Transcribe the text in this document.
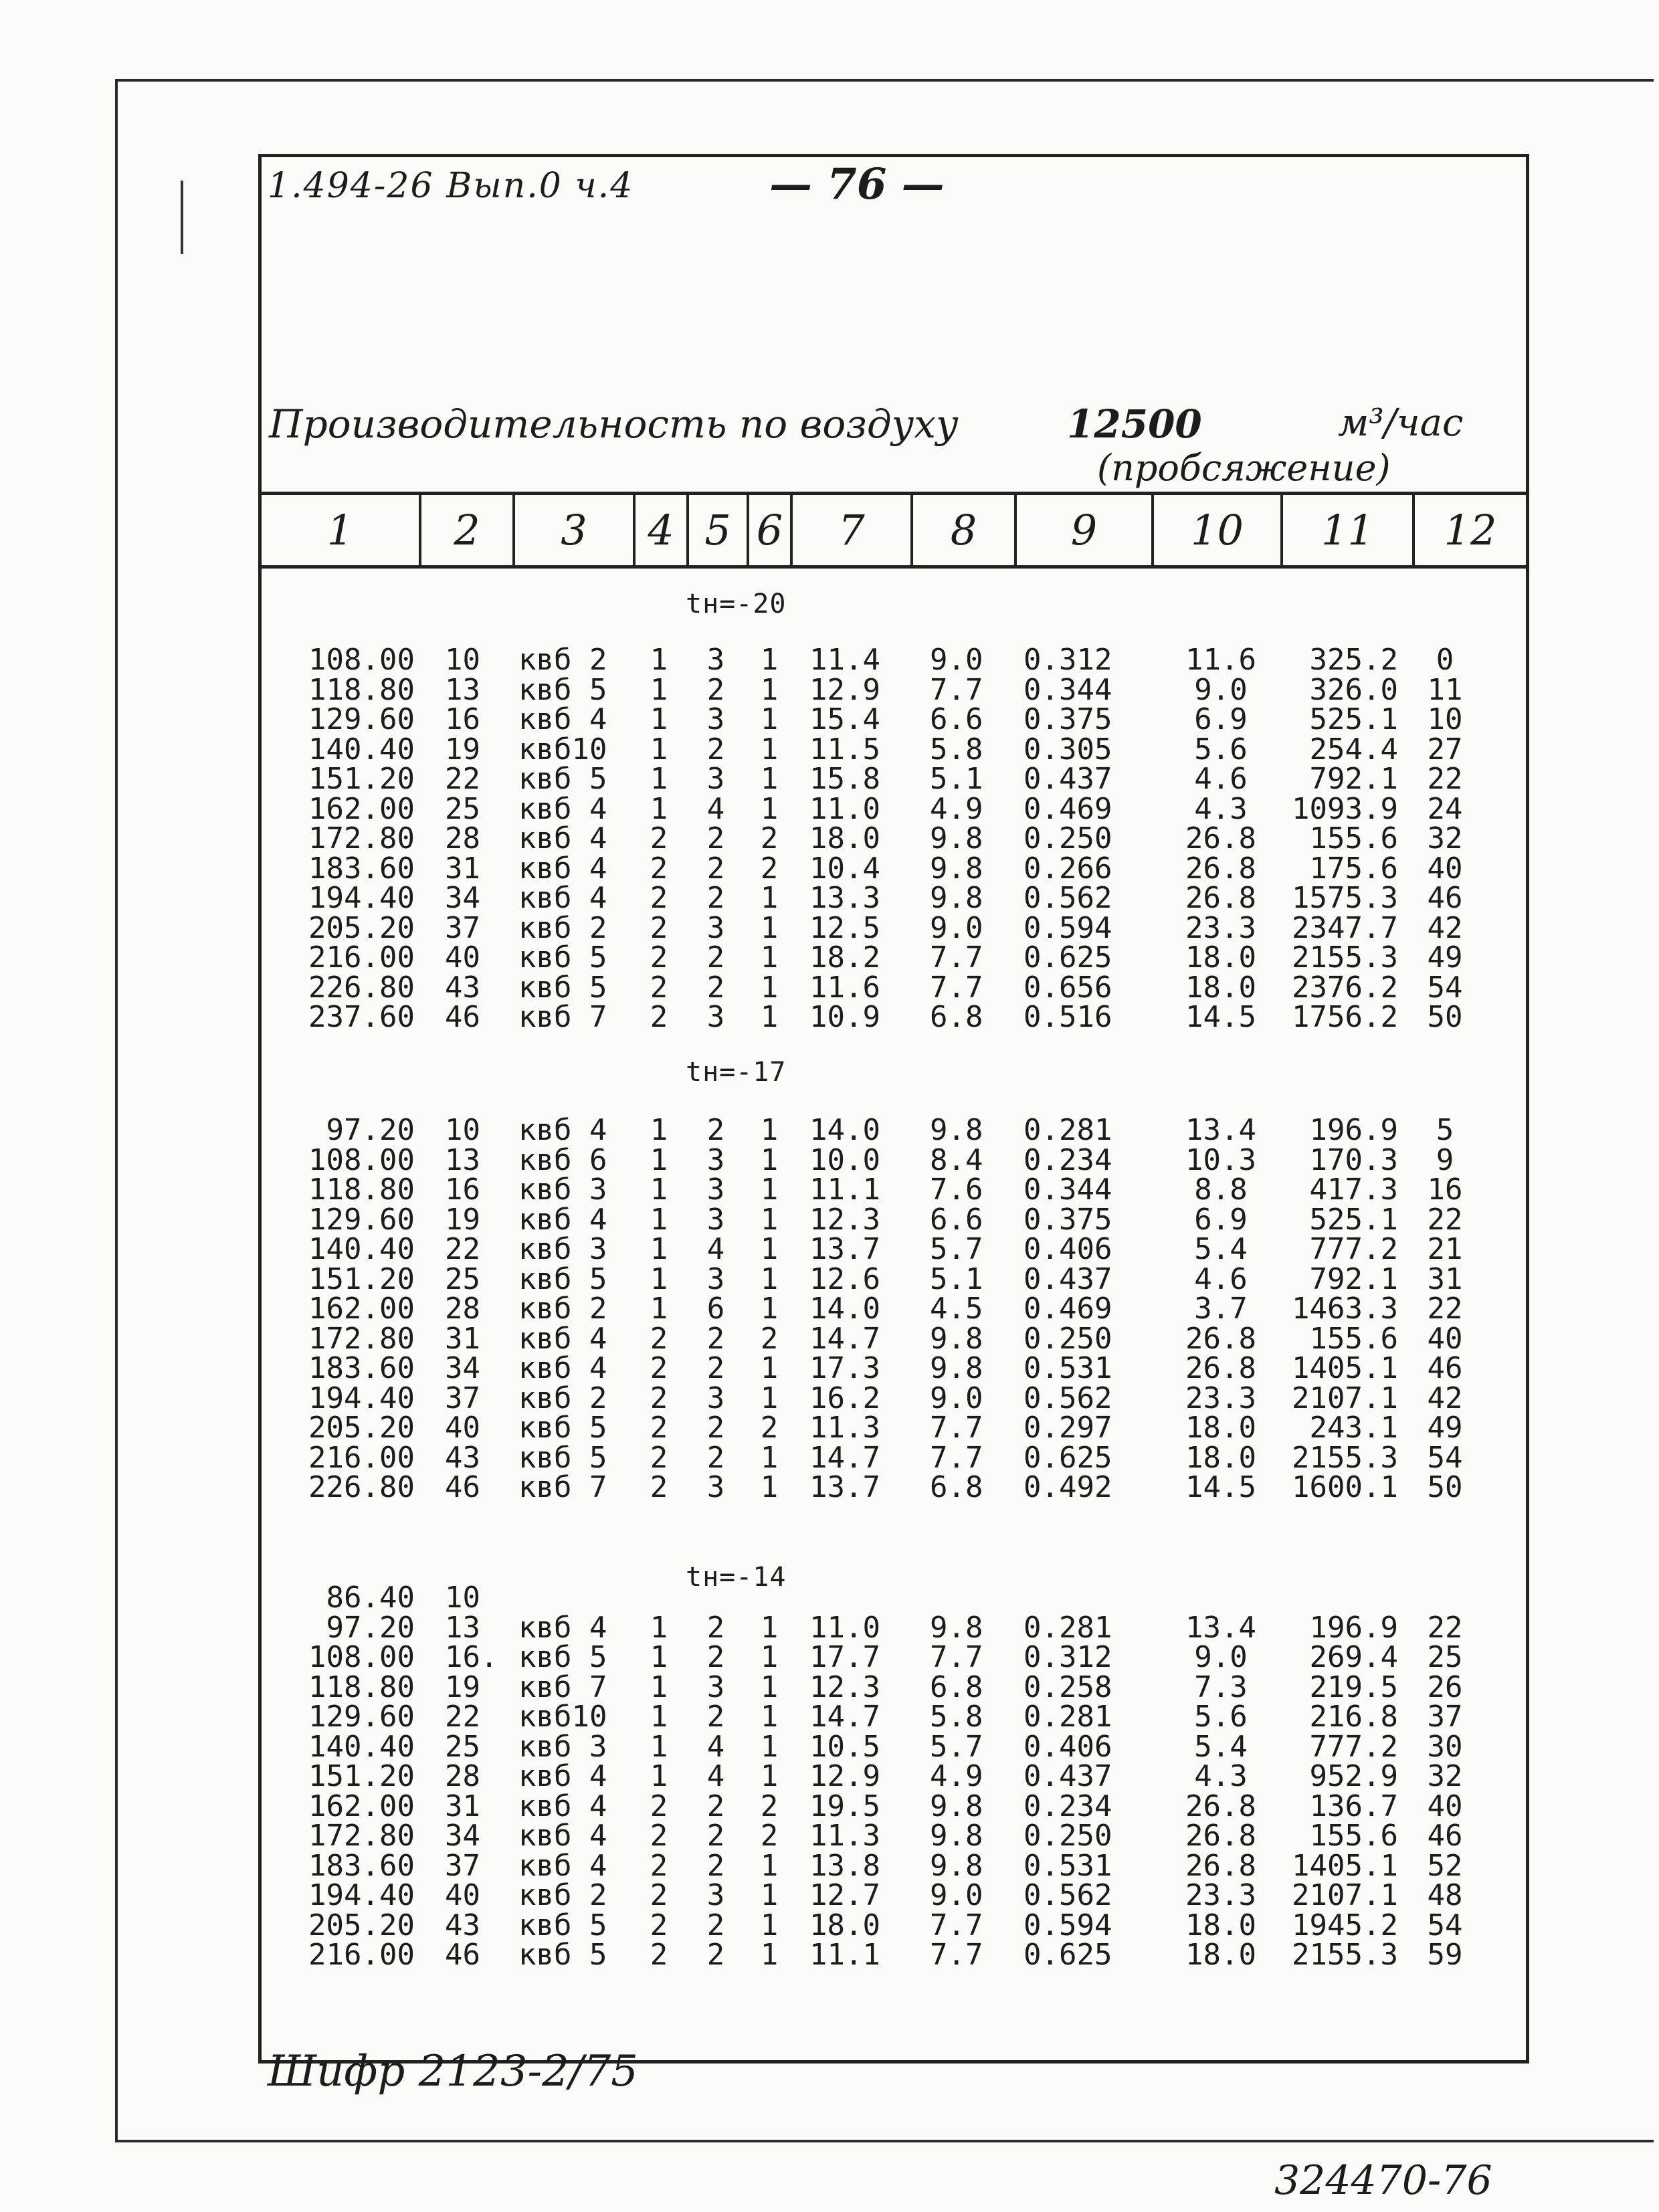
1.494-26 Вып.0 ч.4	— 76 —
Производительность по воздуху	12500	м³/час
(пробсяжение)
1	2	3	4 5 6	7	8	9	10	11	12
tн=-20
108.00 10	квб 2	1 3 1 11.4	9.0	0.312	11.6	325.2	0
118.80 13	квб 5	1 2 1 12.9	7.7	0.344	9.0	326.0 11
129.60 16	квб 4	1 3 1 15.4	6.6	0.375	6.9	525.1 10
140.40 19	квб10	1 2 1 11.5	5.8	0.305	5.6	254.4 27
151.20 22	квб 5	1 3 1 15.8	5.1	0.437	4.6	792.1 22
162.00 25	квб 4	1 4 1 11.0	4.9	0.469	4.3	1093.9 24
172.80 28	квб 4	2 2 2 18.0	9.8	0.250	26.8	155.6 32
183.60 31	квб 4	2 2 2 10.4	9.8	0.266	26.8	175.6 40
194.40 34	квб 4	2 2 1 13.3	9.8	0.562	26.8	1575.3 46
205.20 37	квб 2	2 3 1 12.5	9.0	0.594	23.3	2347.7 42
216.00 40	квб 5	2 2 1 18.2	7.7	0.625	18.0	2155.3 49
226.80 43	квб 5	2 2 1 11.6	7.7	0.656	18.0	2376.2 54
237.60 46	квб 7	2 3 1 10.9	6.8	0.516	14.5	1756.2 50
tн=-17
97.20 10	квб 4	1 2 1 14.0	9.8	0.281	13.4	196.9	5
108.00 13	квб 6	1 3 1 10.0	8.4	0.234	10.3	170.3	9
118.80 16	квб 3	1 3 1 11.1	7.6	0.344	8.8	417.3 16
129.60 19	квб 4	1 3 1 12.3	6.6	0.375	6.9	525.1 22
140.40 22	квб 3	1 4 1 13.7	5.7	0.406	5.4	777.2 21
151.20 25	квб 5	1 3 1 12.6	5.1	0.437	4.6	792.1 31
162.00 28	квб 2	1 6 1 14.0	4.5	0.469	3.7	1463.3 22
172.80 31	квб 4	2 2 2 14.7	9.8	0.250	26.8	155.6 40
183.60 34	квб 4	2 2 1 17.3	9.8	0.531	26.8	1405.1 46
194.40 37	квб 2	2 3 1 16.2	9.0	0.562	23.3	2107.1 42
205.20 40	квб 5	2 2 2 11.3	7.7	0.297	18.0	243.1 49
216.00 43	квб 5	2 2 1 14.7	7.7	0.625	18.0	2155.3 54
226.80 46	квб 7	2 3 1 13.7	6.8	0.492	14.5	1600.1 50
tн=-14
86.40 10
97.20 13	квб 4	1 2 1 11.0	9.8	0.281	13.4	196.9 22
108.00 16. квб 5	1 2 1 17.7	7.7	0.312	9.0	269.4 25
118.80 19	квб 7	1 3 1 12.3	6.8	0.258	7.3	219.5 26
129.60 22	квб10	1 2 1 14.7	5.8	0.281	5.6	216.8 37
140.40 25	квб 3	1 4 1 10.5	5.7	0.406	5.4	777.2 30
151.20 28	квб 4	1 4 1 12.9	4.9	0.437	4.3	952.9 32
162.00 31	квб 4	2 2 2 19.5	9.8	0.234	26.8	136.7 40
172.80 34	квб 4	2 2 2 11.3	9.8	0.250	26.8	155.6 46
183.60 37	квб 4	2 2 1 13.8	9.8	0.531	26.8	1405.1 52
194.40 40	квб 2	2 3 1 12.7	9.0	0.562	23.3	2107.1 48
205.20 43	квб 5	2 2 1 18.0	7.7	0.594	18.0	1945.2 54
216.00 46	квб 5	2 2 1 11.1	7.7	0.625	18.0	2155.3 59
Шифр 2123-2/75
324470-76
